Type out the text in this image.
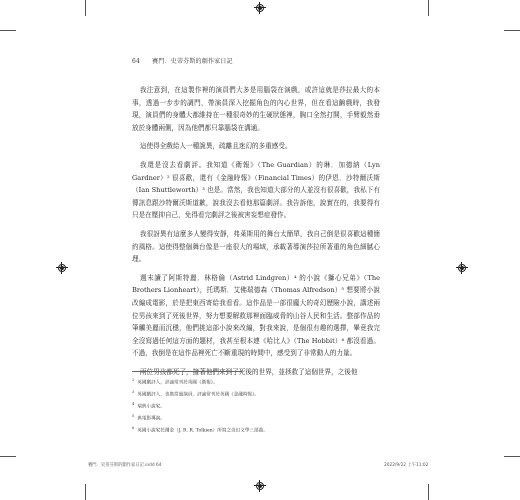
64 賽門．史蒂芬斯的劇作家日記

我注意到，在這製作裡的演員們大多是用腦袋在演戲，或許這就是莎拉最大的本事，透過一步步的調門，帶演員深入挖掘角色的內心世界，但在看這齣戲時，我發現，演員們的身體大都維持在一種很奇妙的生硬狀態裡，胸口全然打開，手臂毅然垂放於身體兩側，因為他們都只靠腦袋在溝通。

這使得全戲給人一種詭異，疏離且迷幻的多重感受。

我還是沒去看劇評。我知道《衛報》（The Guardian）的琳．加德納（Lyn Gardner）² 很喜歡，還有《金融時報》（Financial Times）的伊恩．沙特爾沃斯（Ian Shuttleworth）³ 也是。當然，我也知道大部分的人並沒有很喜歡，我私下有傳訊息跟沙特爾沃斯道歉，說我沒去看他那篇劇評。我告訴他，說實在的，我要得有只是在壓抑自己，免得看完劇評之後被害妄想症發作。

我很訝異有這麼多人變得安靜，弗萊斯用的舞台太簡單，我自己倒是很喜歡這種簡約風格。這使得整個舞台像是一座很大的場域，承載著導演莎拉所著重的角色細膩心理。

週末讀了阿斯特麗．林格倫（Astrid Lindgren）⁴ 的小說《獅心兄弟》（The Brothers Lionheart），托瑪斯．艾佛瑞德森（Thomas Alfredson）⁵ 想要將小說改編成電影，於是把東西寄給我看看。這作品是一部很龐大的奇幻歷險小說，講述兩位男孩來到了死後世界，努力想要解救那裡面臨威脅的山谷人民和生活。整部作品的筆觸美麗而沉穩，他們挑這部小說來改編，對我來說，是個很有趣的選擇，畢竟我完全沒寫過任何這方面的題材，我甚至根本連《哈比人》（The Hobbit）⁶ 都沒看過。不過，我倒是在這作品裡死亡不斷重現的時間中，感受到了非常動人的力量。

兩位男孩都死了，接著他們來到了死後的世界，並拯救了這個世界，之後他

$^2$英國劇評人，評論常刊於英國《衛報》。
$^3$英國劇評人，也擔當過演員，評論常刊於英國《金融時報》。
$^4$瑞典小說家。
$^5$典電影導演。
$^6$英國小說家托爾金（J. R. R. Tolkien）所寫之奇幻文學三部曲。
賽門．史蒂芬斯的劇作家日記.indd 64	2022/9/22 上午11:02
